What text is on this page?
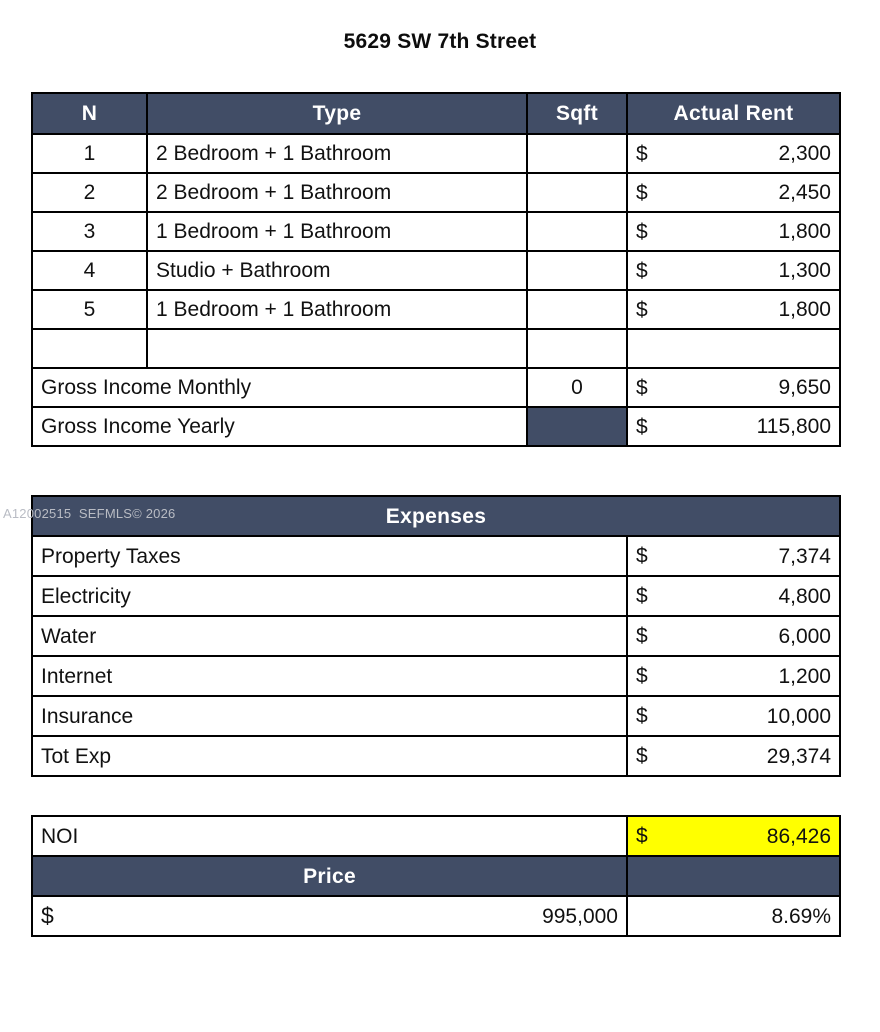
5629 SW 7th Street
A12002515  SEFMLS© 2026
N	Type	Sqft	Actual Rent
1	2 Bedroom + 1 Bathroom		$ 2,300
2	2 Bedroom + 1 Bathroom		$ 2,450
3	1 Bedroom + 1 Bathroom		$ 1,800
4	Studio + Bathroom		$ 1,300
5	1 Bedroom + 1 Bathroom		$ 1,800

Gross Income Monthly		0	$ 9,650
Gross Income Yearly			$ 115,800
Expenses	
Property Taxes	$ 7,374
Electricity	$ 4,800
Water	$ 6,000
Internet	$ 1,200
Insurance	$ 10,000
Tot Exp	$ 29,374
NOI	$ 86,426
Price	

$ 995,000	8.69%
